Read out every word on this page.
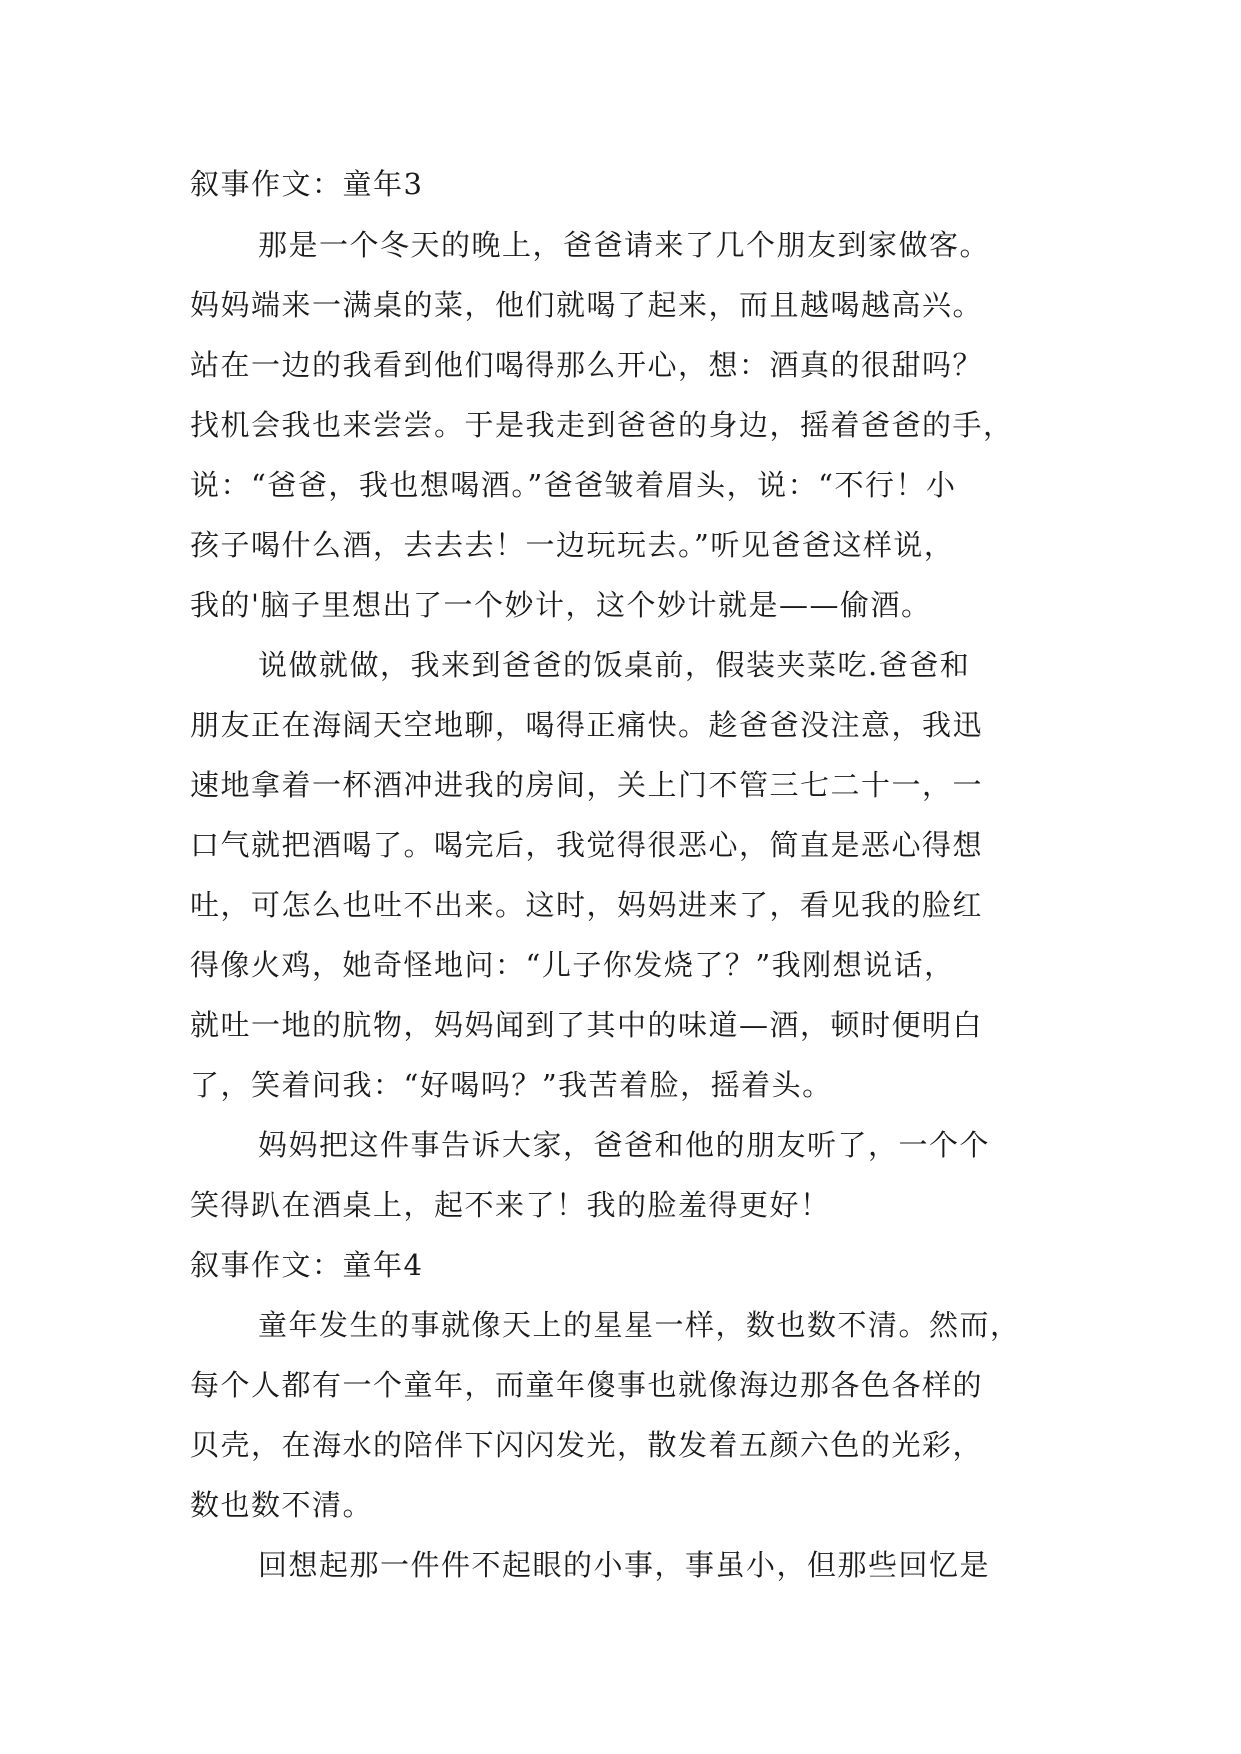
叙事作文：童年3
那是一个冬天的晚上，爸爸请来了几个朋友到家做客。
妈妈端来一满桌的菜，他们就喝了起来，而且越喝越高兴。
站在一边的我看到他们喝得那么开心，想：酒真的很甜吗？
找机会我也来尝尝。于是我走到爸爸的身边，摇着爸爸的手，
说：“爸爸，我也想喝酒。”爸爸皱着眉头，说：“不行！小
孩子喝什么酒，去去去！一边玩玩去。”听见爸爸这样说，
我的'脑子里想出了一个妙计，这个妙计就是——偷酒。
说做就做，我来到爸爸的饭桌前，假装夹菜吃.爸爸和
朋友正在海阔天空地聊，喝得正痛快。趁爸爸没注意，我迅
速地拿着一杯酒冲进我的房间，关上门不管三七二十一，一
口气就把酒喝了。喝完后，我觉得很恶心，简直是恶心得想
吐，可怎么也吐不出来。这时，妈妈进来了，看见我的脸红
得像火鸡，她奇怪地问：“儿子你发烧了？”我刚想说话，
就吐一地的肮物，妈妈闻到了其中的味道—酒，顿时便明白
了，笑着问我：“好喝吗？”我苦着脸，摇着头。
妈妈把这件事告诉大家，爸爸和他的朋友听了，一个个
笑得趴在酒桌上，起不来了！我的脸羞得更好！
叙事作文：童年4
童年发生的事就像天上的星星一样，数也数不清。然而，
每个人都有一个童年，而童年傻事也就像海边那各色各样的
贝壳，在海水的陪伴下闪闪发光，散发着五颜六色的光彩，
数也数不清。
回想起那一件件不起眼的小事，事虽小，但那些回忆是
